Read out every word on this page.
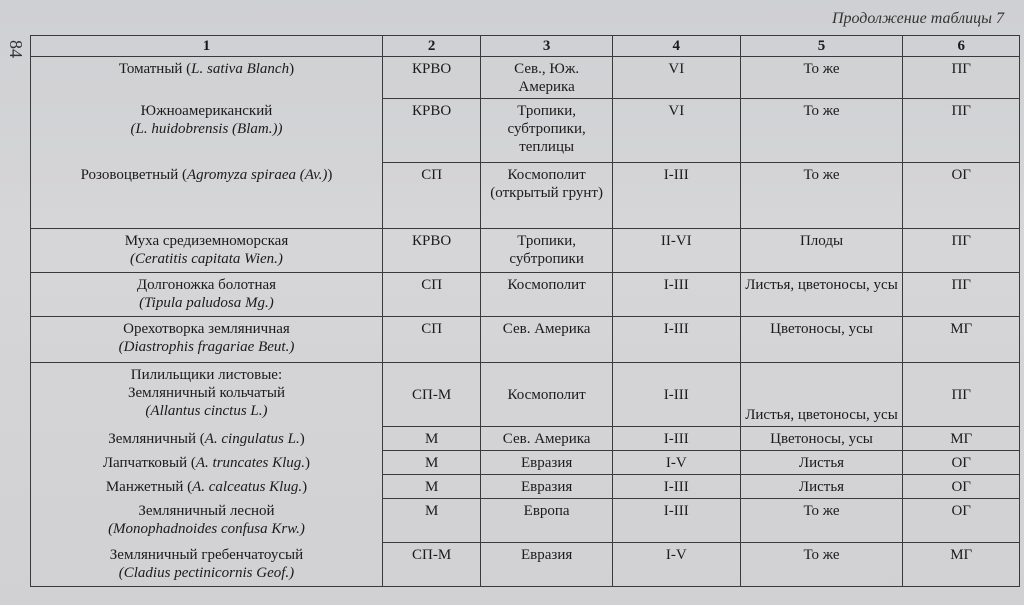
Продолжение таблицы 7
84	1	2	3	4	5	6
Томатный (L. sativa Blanch)	КРВО	Сев., Юж. Америка	VI	То же	ПГ

Южноамериканский
(L. huidobrensis (Blam.))	КРВО	Тропики, субтропики, теплицы	VI	То же	ПГ
Розовоцветный (Agromyza spiraea (Av.))	СП	Космополит (открытый грунт)	I-III	То же	ОГ

Муха средиземноморская
(Ceratitis capitata Wien.)	КРВО	Тропики, субтропики	II-VI	Плоды	ПГ

Долгоножка болотная
(Tipula paludosa Mg.)	СП	Космополит	I-III	Листья, цветоносы, усы	ПГ

Орехотворка земляничная
(Diastrophis fragariae Beut.)	СП	Сев. Америка	I-III	Цветоносы, усы	МГ

Пилильщики листовые:
Земляничный кольчатый
(Allantus cinctus L.)	СП-М	Космополит	I-III	Листья, цветоносы, усы	ПГ
Земляничный (A. cingulatus L.)	М	Сев. Америка	I-III	Цветоносы, усы	МГ
Лапчатковый (A. truncates Klug.)	М	Евразия	I-V	Листья	ОГ
Манжетный (A. calceatus Klug.)	М	Евразия	I-III	Листья	ОГ

Земляничный лесной
(Monophadnoides confusa Krw.)	М	Европа	I-III	То же	ОГ

Земляничный гребенчатоусый
(Cladius pectinicornis Geof.)	СП-М	Евразия	I-V	То же	МГ
